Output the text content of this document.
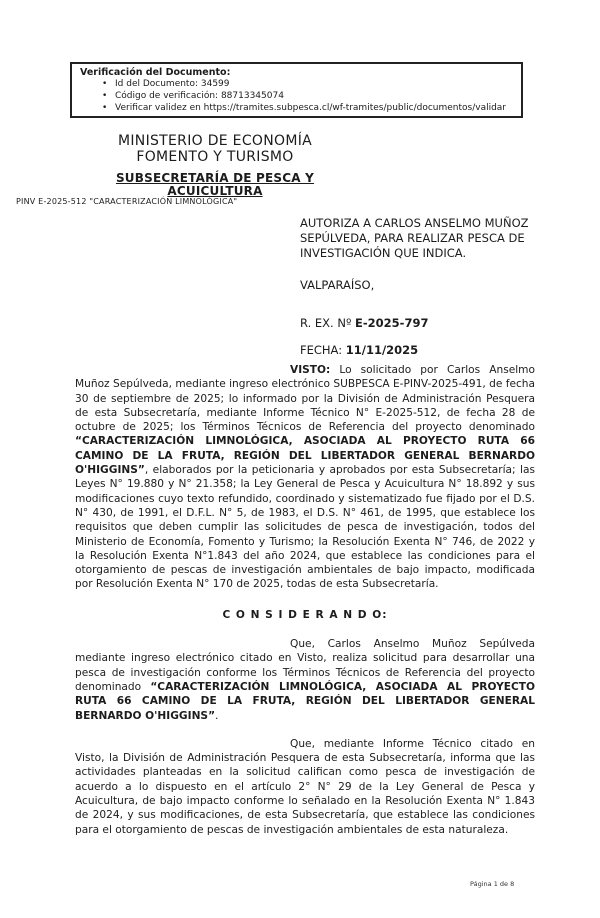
Verificación del Documento:
• Id del Documento: 34599
• Código de verificación: 88713345074
• Verificar validez en https://tramites.subpesca.cl/wf-tramites/public/documentos/validar
MINISTERIO DE ECONOMÍA
FOMENTO Y TURISMO
SUBSECRETARÍA DE PESCA Y ACUICULTURA
PINV E-2025-512 "CARACTERIZACIÓN LIMNOLÓGICA"
AUTORIZA A CARLOS ANSELMO MUÑOZ SEPÚLVEDA, PARA REALIZAR PESCA DE INVESTIGACIÓN QUE INDICA.
VALPARAÍSO,
R. EX. Nº E-2025-797
FECHA: 11/11/2025

VISTO: Lo solicitado por Carlos Anselmo Muñoz Sepúlveda, mediante ingreso electrónico SUBPESCA E-PINV-2025-491, de fecha 30 de septiembre de 2025; lo informado por la División de Administración Pesquera de esta Subsecretaría, mediante Informe Técnico N° E-2025-512, de fecha 28 de octubre de 2025; los Términos Técnicos de Referencia del proyecto denominado “CARACTERIZACIÓN LIMNOLÓGICA, ASOCIADA AL PROYECTO RUTA 66 CAMINO DE LA FRUTA, REGIÓN DEL LIBERTADOR GENERAL BERNARDO O'HIGGINS”, elaborados por la peticionaria y aprobados por esta Subsecretaría; las Leyes N° 19.880 y N° 21.358; la Ley General de Pesca y Acuicultura N° 18.892 y sus modificaciones cuyo texto refundido, coordinado y sistematizado fue fijado por el D.S. N° 430, de 1991, el D.F.L. N° 5, de 1983, el D.S. N° 461, de 1995, que establece los requisitos que deben cumplir las solicitudes de pesca de investigación, todos del Ministerio de Economía, Fomento y Turismo; la Resolución Exenta N° 746, de 2022 y la Resolución Exenta N°1.843 del año 2024, que establece las condiciones para el otorgamiento de pescas de investigación ambientales de bajo impacto, modificada por Resolución Exenta N° 170 de 2025, todas de esta Subsecretaría.

C O N S I D E R A N D O:

Que, Carlos Anselmo Muñoz Sepúlveda mediante ingreso electrónico citado en Visto, realiza solicitud para desarrollar una pesca de investigación conforme los Términos Técnicos de Referencia del proyecto denominado “CARACTERIZACIÓN LIMNOLÓGICA, ASOCIADA AL PROYECTO RUTA 66 CAMINO DE LA FRUTA, REGIÓN DEL LIBERTADOR GENERAL BERNARDO O'HIGGINS”.

Que, mediante Informe Técnico citado en Visto, la División de Administración Pesquera de esta Subsecretaría, informa que las actividades planteadas en la solicitud califican como pesca de investigación de acuerdo a lo dispuesto en el artículo 2° N° 29 de la Ley General de Pesca y Acuicultura, de bajo impacto conforme lo señalado en la Resolución Exenta N° 1.843 de 2024, y sus modificaciones, de esta Subsecretaría, que establece las condiciones para el otorgamiento de pescas de investigación ambientales de esta naturaleza.

Página 1 de 8
